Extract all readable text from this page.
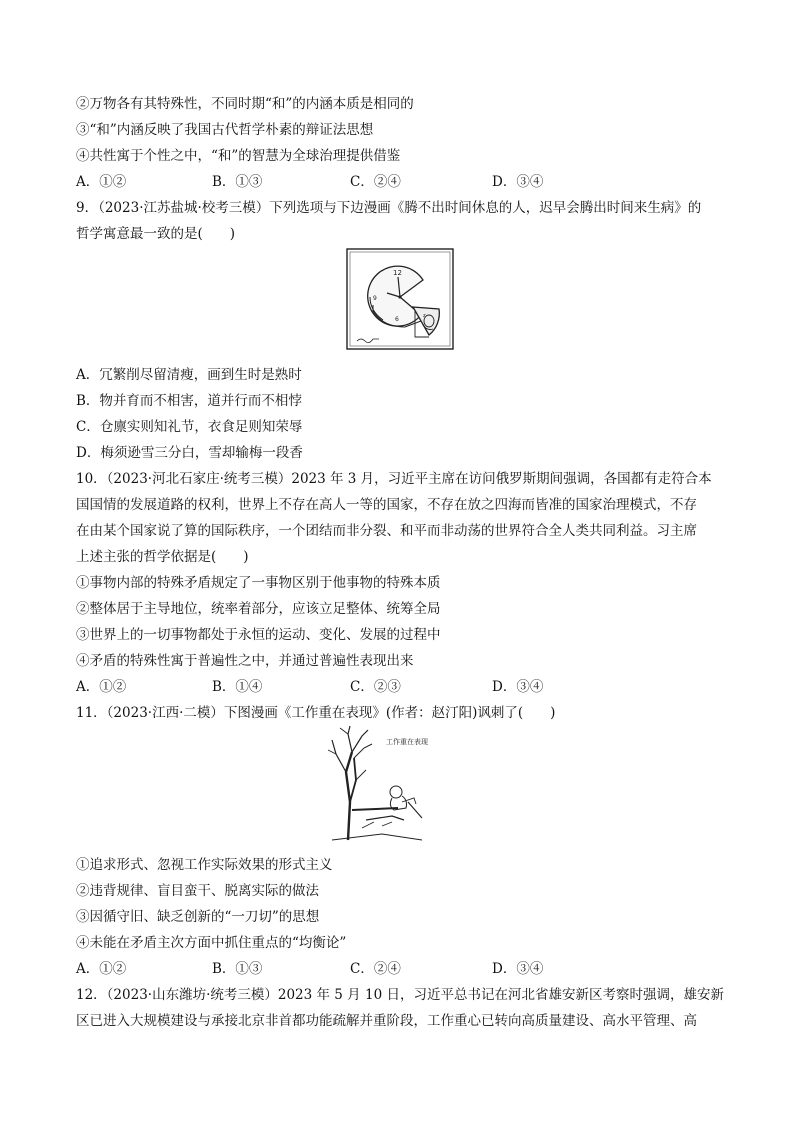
②万物各有其特殊性，不同时期“和”的内涵本质是相同的
③“和”内涵反映了我国古代哲学朴素的辩证法思想
④共性寓于个性之中，“和”的智慧为全球治理提供借鉴
A．①②	B．①③	C．②④	D．③④
9．（2023·江苏盐城·校考三模）下列选项与下边漫画《腾不出时间休息的人，迟早会腾出时间来生病》的
哲学寓意最一致的是(　　)
12
9
6	z
A．冗繁削尽留清瘦，画到生时是熟时
B．物并育而不相害，道并行而不相悖
C．仓廪实则知礼节，衣食足则知荣辱
D．梅须逊雪三分白，雪却输梅一段香
10．（2023·河北石家庄·统考三模）2023 年 3 月，习近平主席在访问俄罗斯期间强调，各国都有走符合本
国国情的发展道路的权利，世界上不存在高人一等的国家，不存在放之四海而皆准的国家治理模式，不存
在由某个国家说了算的国际秩序，一个团结而非分裂、和平而非动荡的世界符合全人类共同利益。习主席
上述主张的哲学依据是(　　)
①事物内部的特殊矛盾规定了一事物区别于他事物的特殊本质
②整体居于主导地位，统率着部分，应该立足整体、统筹全局
③世界上的一切事物都处于永恒的运动、变化、发展的过程中
④矛盾的特殊性寓于普遍性之中，并通过普遍性表现出来
A．①②	B．①④	C．②③	D．③④
11．（2023·江西·二模）下图漫画《工作重在表现》(作者：赵汀阳)讽刺了(　　)
工作重在表现
①追求形式、忽视工作实际效果的形式主义
②违背规律、盲目蛮干、脱离实际的做法
③因循守旧、缺乏创新的“一刀切”的思想
④未能在矛盾主次方面中抓住重点的“均衡论”
A．①②	B．①③	C．②④	D．③④
12．（2023·山东潍坊·统考三模）2023 年 5 月 10 日，习近平总书记在河北省雄安新区考察时强调，雄安新
区已进入大规模建设与承接北京非首都功能疏解并重阶段，工作重心已转向高质量建设、高水平管理、高
